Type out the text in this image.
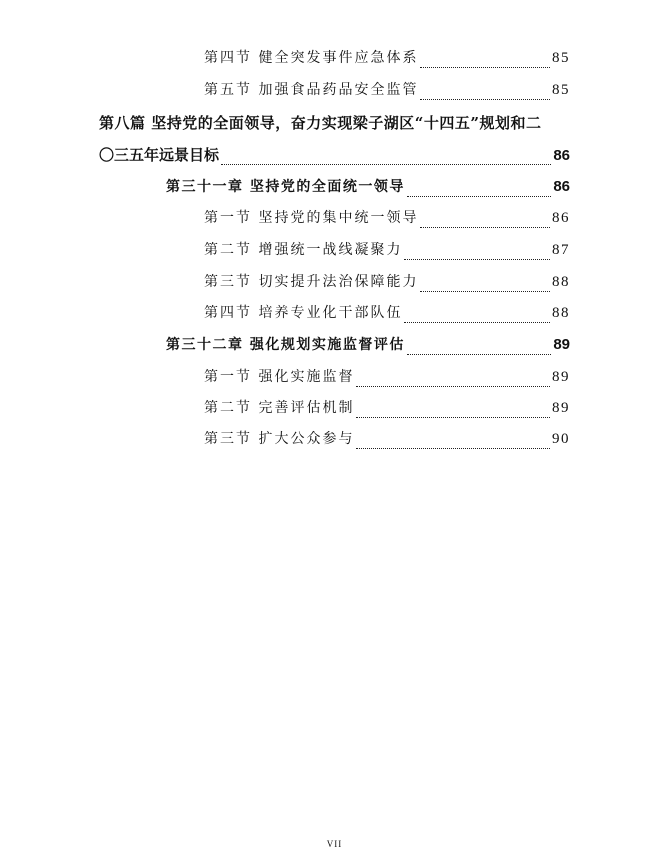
第四节 健全突发事件应急体系	85
第五节 加强食品药品安全监管	85
第八篇 坚持党的全面领导，奋力实现梁子湖区“十四五”规划和二
〇三五年远景目标	86
第三十一章 坚持党的全面统一领导	86
第一节 坚持党的集中统一领导	86
第二节 增强统一战线凝聚力	87
第三节 切实提升法治保障能力	88
第四节 培养专业化干部队伍	88
第三十二章 强化规划实施监督评估	89
第一节 强化实施监督	89
第二节 完善评估机制	89
第三节 扩大公众参与	90
VII
